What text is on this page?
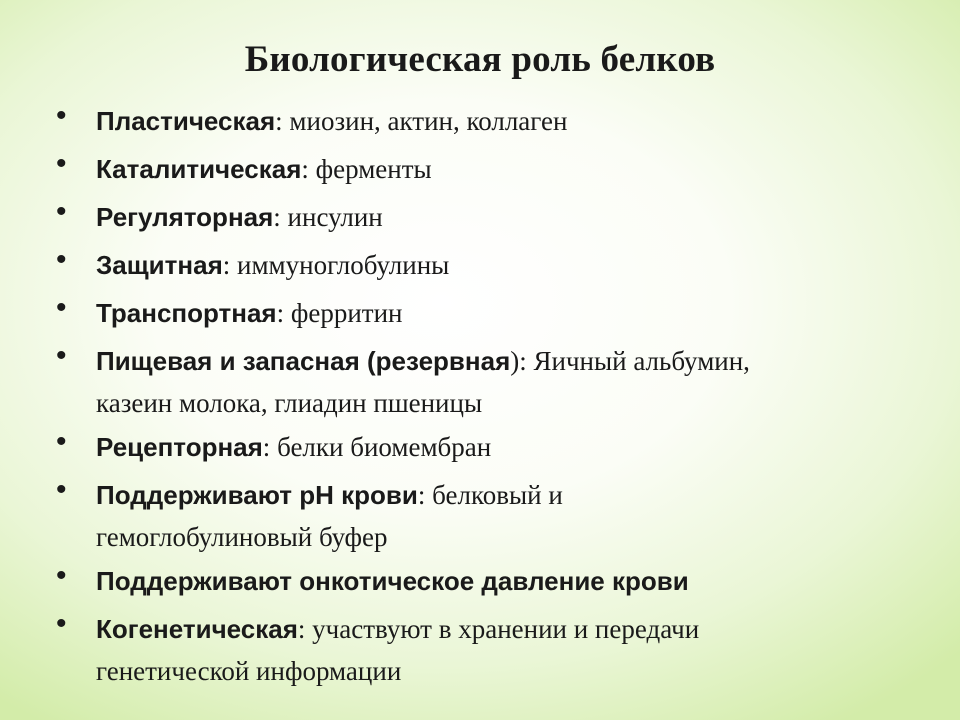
Биологическая роль белков
• Пластическая: миозин, актин, коллаген
• Каталитическая: ферменты
• Регуляторная: инсулин
• Защитная: иммуноглобулины
• Транспортная: ферритин
• Пищевая и запасная (резервная): Яичный альбумин,
казеин молока, глиадин пшеницы
• Рецепторная: белки биомембран
• Поддерживают рН крови: белковый и
гемоглобулиновый буфер
• Поддерживают онкотическое давление крови
• Когенетическая: участвуют в хранении и передачи
генетической информации
